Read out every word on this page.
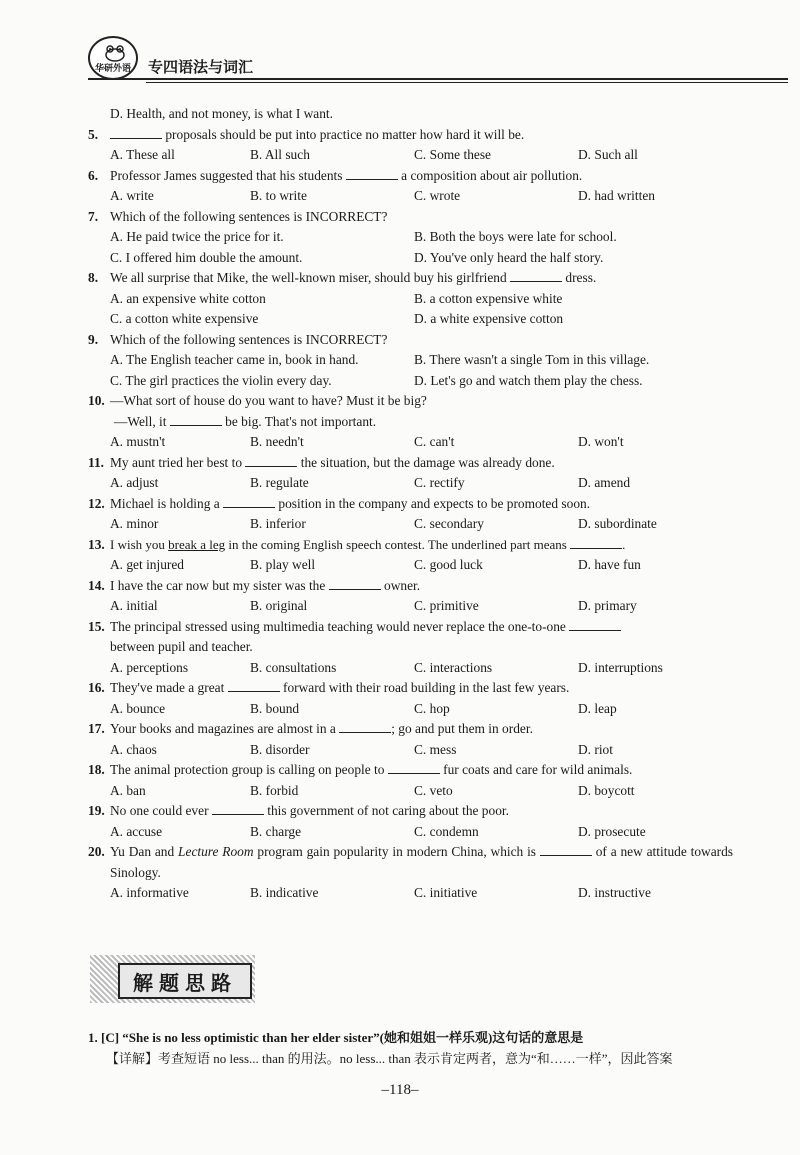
华研外语 专四语法与词汇
D. Health, and not money, is what I want.
5.	proposals should be put into practice no matter how hard it will be.
A. These all	B. All such	C. Some these	D. Such all
6. Professor James suggested that his students	a composition about air pollution.
A. write	B. to write	C. wrote	D. had written
7. Which of the following sentences is INCORRECT?
A. He paid twice the price for it.	B. Both the boys were late for school.
C. I offered him double the amount.	D. You've only heard the half story.
8. We all surprise that Mike, the well-known miser, should buy his girlfriend	dress.
A. an expensive white cotton	B. a cotton expensive white
C. a cotton white expensive	D. a white expensive cotton
9. Which of the following sentences is INCORRECT?
A. The English teacher came in, book in hand.	B. There wasn't a single Tom in this village.
C. The girl practices the violin every day.	D. Let's go and watch them play the chess.
10. —What sort of house do you want to have? Must it be big?
—Well, it	be big. That's not important.
A. mustn't	B. needn't	C. can't	D. won't
11. My aunt tried her best to	the situation, but the damage was already done.
A. adjust	B. regulate	C. rectify	D. amend
12. Michael is holding a	position in the company and expects to be promoted soon.
A. minor	B. inferior	C. secondary	D. subordinate
13. I wish you break a leg in the coming English speech contest. The underlined part means	.
A. get injured	B. play well	C. good luck	D. have fun
14. I have the car now but my sister was the	owner.
A. initial	B. original	C. primitive	D. primary
15. The principal stressed using multimedia teaching would never replace the one-to-one
between pupil and teacher.
A. perceptions	B. consultations	C. interactions	D. interruptions
16. They've made a great	forward with their road building in the last few years.
A. bounce	B. bound	C. hop	D. leap
17. Your books and magazines are almost in a	; go and put them in order.
A. chaos	B. disorder	C. mess	D. riot
18. The animal protection group is calling on people to	fur coats and care for wild animals.
A. ban	B. forbid	C. veto	D. boycott
19. No one could ever	this government of not caring about the poor.
A. accuse	B. charge	C. condemn	D. prosecute
20. Yu Dan and Lecture Room program gain popularity in modern China, which is	of a new attitude towards Sinology.
A. informative	B. indicative	C. initiative	D. instructive
解题思路
1. [C] “She is no less optimistic than her elder sister”(她和姐姐一样乐观)这句话的意思是
【详解】考查短语 no less... than 的用法。no less... than 表示肯定两者，意为“和……一样”，因此答案
–118–
